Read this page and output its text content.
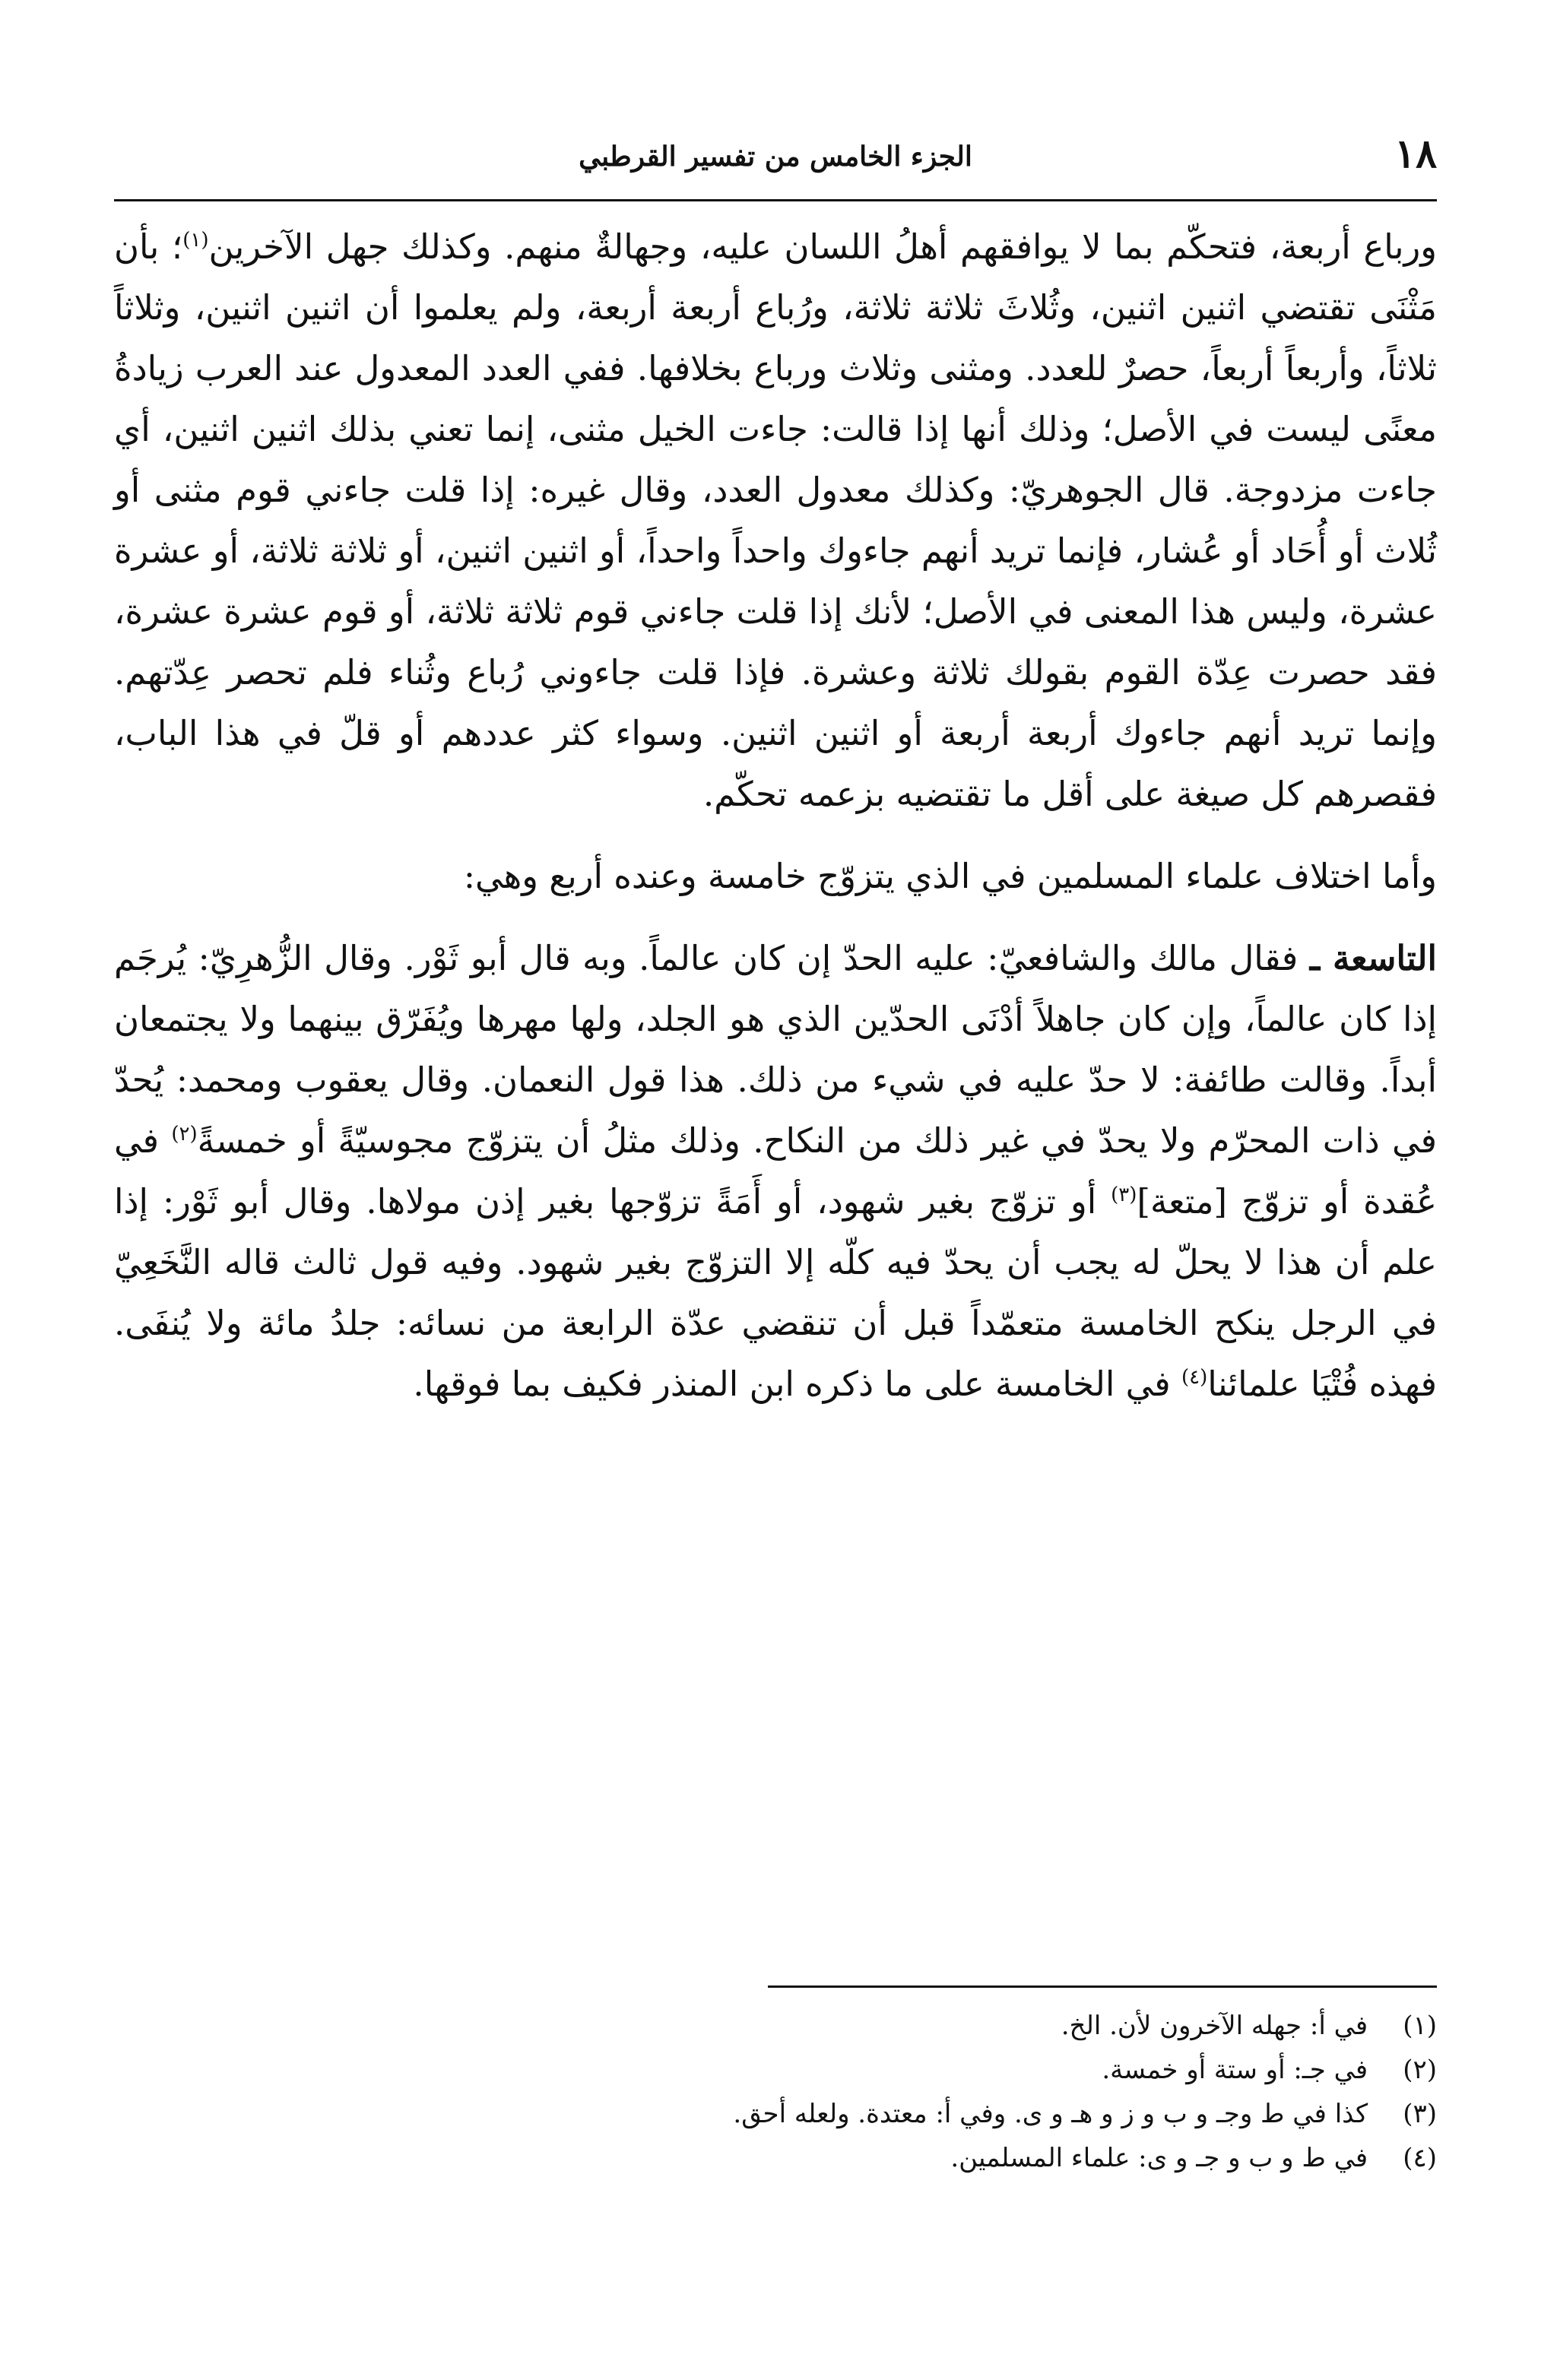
١٨
الجزء الخامس من تفسير القرطبي

ورباع أربعة، فتحكّم بما لا يوافقهم أهلُ اللسان عليه، وجهالةٌ منهم. وكذلك جهل الآخرين$^{(١)}$؛ بأن مَثْنَى تقتضي اثنين اثنين، وثُلاثَ ثلاثة ثلاثة، ورُباع أربعة أربعة، ولم يعلموا أن اثنين اثنين، وثلاثاً ثلاثاً، وأربعاً أربعاً، حصرٌ للعدد. ومثنى وثلاث ورباع بخلافها. ففي العدد المعدول عند العرب زيادةُ معنًى ليست في الأصل؛ وذلك أنها إذا قالت: جاءت الخيل مثنى، إنما تعني بذلك اثنين اثنين، أي جاءت مزدوجة. قال الجوهريّ: وكذلك معدول العدد، وقال غيره: إذا قلت جاءني قوم مثنى أو ثُلاث أو أُحَاد أو عُشار، فإنما تريد أنهم جاءوك واحداً واحداً، أو اثنين اثنين، أو ثلاثة ثلاثة، أو عشرة عشرة، وليس هذا المعنى في الأصل؛ لأنك إذا قلت جاءني قوم ثلاثة ثلاثة، أو قوم عشرة عشرة، فقد حصرت عِدّة القوم بقولك ثلاثة وعشرة. فإذا قلت جاءوني رُباع وثُناء فلم تحصر عِدّتهم. وإنما تريد أنهم جاءوك أربعة أربعة أو اثنين اثنين. وسواء كثر عددهم أو قلّ في هذا الباب، فقصرهم كل صيغة على أقل ما تقتضيه بزعمه تحكّم.

وأما اختلاف علماء المسلمين في الذي يتزوّج خامسة وعنده أربع وهي:

التاسعة ـ فقال مالك والشافعيّ: عليه الحدّ إن كان عالماً. وبه قال أبو ثَوْر. وقال الزُّهرِيّ: يُرجَم إذا كان عالماً، وإن كان جاهلاً أدْنَى الحدّين الذي هو الجلد، ولها مهرها ويُفَرّق بينهما ولا يجتمعان أبداً. وقالت طائفة: لا حدّ عليه في شيء من ذلك. هذا قول النعمان. وقال يعقوب ومحمد: يُحدّ في ذات المحرّم ولا يحدّ في غير ذلك من النكاح. وذلك مثلُ أن يتزوّج مجوسيّةً أو خمسةً$^{(٢)}$ في عُقدة أو تزوّج [متعة]$^{(٣)}$ أو تزوّج بغير شهود، أو أَمَةً تزوّجها بغير إذن مولاها. وقال أبو ثَوْر: إذا علم أن هذا لا يحلّ له يجب أن يحدّ فيه كلّه إلا التزوّج بغير شهود. وفيه قول ثالث قاله النَّخَعِيّ في الرجل ينكح الخامسة متعمّداً قبل أن تنقضي عدّة الرابعة من نسائه: جلدُ مائة ولا يُنفَى. فهذه فُتْيَا علمائنا$^{(٤)}$ في الخامسة على ما ذكره ابن المنذر فكيف بما فوقها.

(١) في أ: جهله الآخرون لأن. الخ.
(٢) في جـ: أو ستة أو خمسة.
(٣) كذا في ط وجـ و ب و ز و هـ و ى. وفي أ: معتدة. ولعله أحق.
(٤) في ط و ب و جـ و ى: علماء المسلمين.
